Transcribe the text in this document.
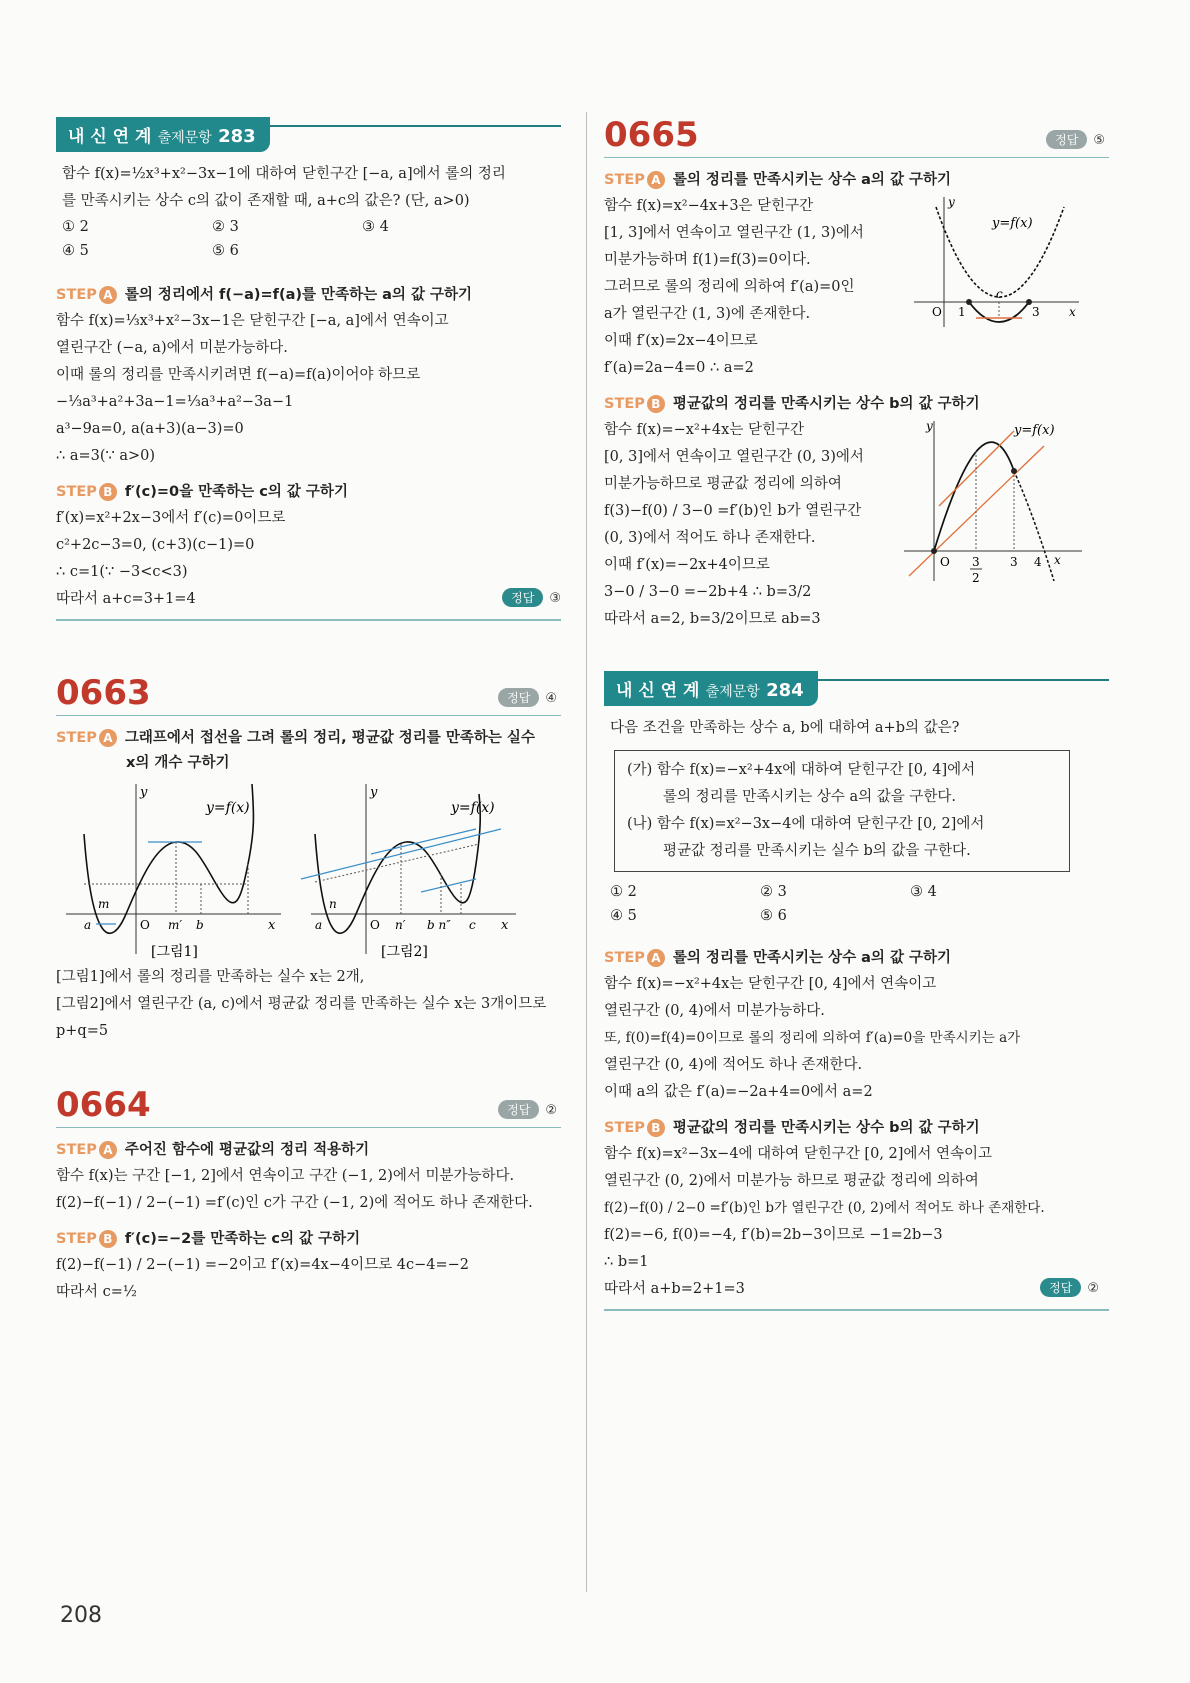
내 신 연 계 출제문항 283

함수 f(x)=½x³+x²−3x−1에 대하여 닫힌구간 [−a, a]에서 롤의 정리

를 만족시키는 상수 c의 값이 존재할 때, a+c의 값은? (단, a>0)

① 2	② 3	③ 4
④ 5	⑤ 6
STEP A 롤의 정리에서 f(−a)=f(a)를 만족하는 a의 값 구하기

함수 f(x)=⅓x³+x²−3x−1은 닫힌구간 [−a, a]에서 연속이고

열린구간 (−a, a)에서 미분가능하다.

이때 롤의 정리를 만족시키려면 f(−a)=f(a)이어야 하므로

−⅓a³+a²+3a−1=⅓a³+a²−3a−1

a³−9a=0, a(a+3)(a−3)=0

∴ a=3(∵ a>0)

STEP B f′(c)=0을 만족하는 c의 값 구하기

f′(x)=x²+2x−3에서 f′(c)=0이므로

c²+2c−3=0, (c+3)(c−1)=0

∴ c=1(∵ −3<c<3)

따라서 a+c=3+1=4	정답 ③
0663	정답 ④
STEP A 그래프에서 접선을 그려 롤의 정리, 평균값 정리를 만족하는 실수
x의 개수 구하기
y
y=f(x)
m
a	O m′ b	x
y
y=f(x)
n
a	O n′ b n″ c x
[그림1]	[그림2]

[그림1]에서 롤의 정리를 만족하는 실수 x는 2개,

[그림2]에서 열린구간 (a, c)에서 평균값 정리를 만족하는 실수 x는 3개이므로

p+q=5

0664	정답 ②
STEP A 주어진 함수에 평균값의 정리 적용하기

함수 f(x)는 구간 [−1, 2]에서 연속이고 구간 (−1, 2)에서 미분가능하다.

f(2)−f(−1) / 2−(−1) =f′(c)인 c가 구간 (−1, 2)에 적어도 하나 존재한다.

STEP B f′(c)=−2를 만족하는 c의 값 구하기

f(2)−f(−1) / 2−(−1) =−2이고 f′(x)=4x−4이므로 4c−4=−2

따라서 c=½

0665	정답 ⑤
STEP A 롤의 정리를 만족시키는 상수 a의 값 구하기

함수 f(x)=x²−4x+3은 닫힌구간

[1, 3]에서 연속이고 열린구간 (1, 3)에서

미분가능하며 f(1)=f(3)=0이다.

그러므로 롤의 정리에 의하여 f′(a)=0인

a가 열린구간 (1, 3)에 존재한다.

이때 f′(x)=2x−4이므로

f′(a)=2a−4=0 ∴ a=2

y
y=f(x)
O 1
c
3 x
STEP B 평균값의 정리를 만족시키는 상수 b의 값 구하기

함수 f(x)=−x²+4x는 닫힌구간

[0, 3]에서 연속이고 열린구간 (0, 3)에서

미분가능하므로 평균값 정리에 의하여

f(3)−f(0) / 3−0 =f′(b)인 b가 열린구간

(0, 3)에서 적어도 하나 존재한다.

이때 f′(x)=−2x+4이므로

3−0 / 3−0 =−2b+4 ∴ b=3/2

따라서 a=2, b=3/2이므로 ab=3

y	y=f(x)
O 3
2
3 4 x
내 신 연 계 출제문항 284

다음 조건을 만족하는 상수 a, b에 대하여 a+b의 값은?

(가) 함수 f(x)=−x²+4x에 대하여 닫힌구간 [0, 4]에서

롤의 정리를 만족시키는 상수 a의 값을 구한다.

(나) 함수 f(x)=x²−3x−4에 대하여 닫힌구간 [0, 2]에서

평균값 정리를 만족시키는 실수 b의 값을 구한다.

① 2	② 3	③ 4
④ 5	⑤ 6
STEP A 롤의 정리를 만족시키는 상수 a의 값 구하기

함수 f(x)=−x²+4x는 닫힌구간 [0, 4]에서 연속이고

열린구간 (0, 4)에서 미분가능하다.

또, f(0)=f(4)=0이므로 롤의 정리에 의하여 f′(a)=0을 만족시키는 a가

열린구간 (0, 4)에 적어도 하나 존재한다.

이때 a의 값은 f′(a)=−2a+4=0에서 a=2

STEP B 평균값의 정리를 만족시키는 상수 b의 값 구하기

함수 f(x)=x²−3x−4에 대하여 닫힌구간 [0, 2]에서 연속이고

열린구간 (0, 2)에서 미분가능 하므로 평균값 정리에 의하여

f(2)−f(0) / 2−0 =f′(b)인 b가 열린구간 (0, 2)에서 적어도 하나 존재한다.

f(2)=−6, f(0)=−4, f′(b)=2b−3이므로 −1=2b−3

∴ b=1

따라서 a+b=2+1=3	정답 ②
208
